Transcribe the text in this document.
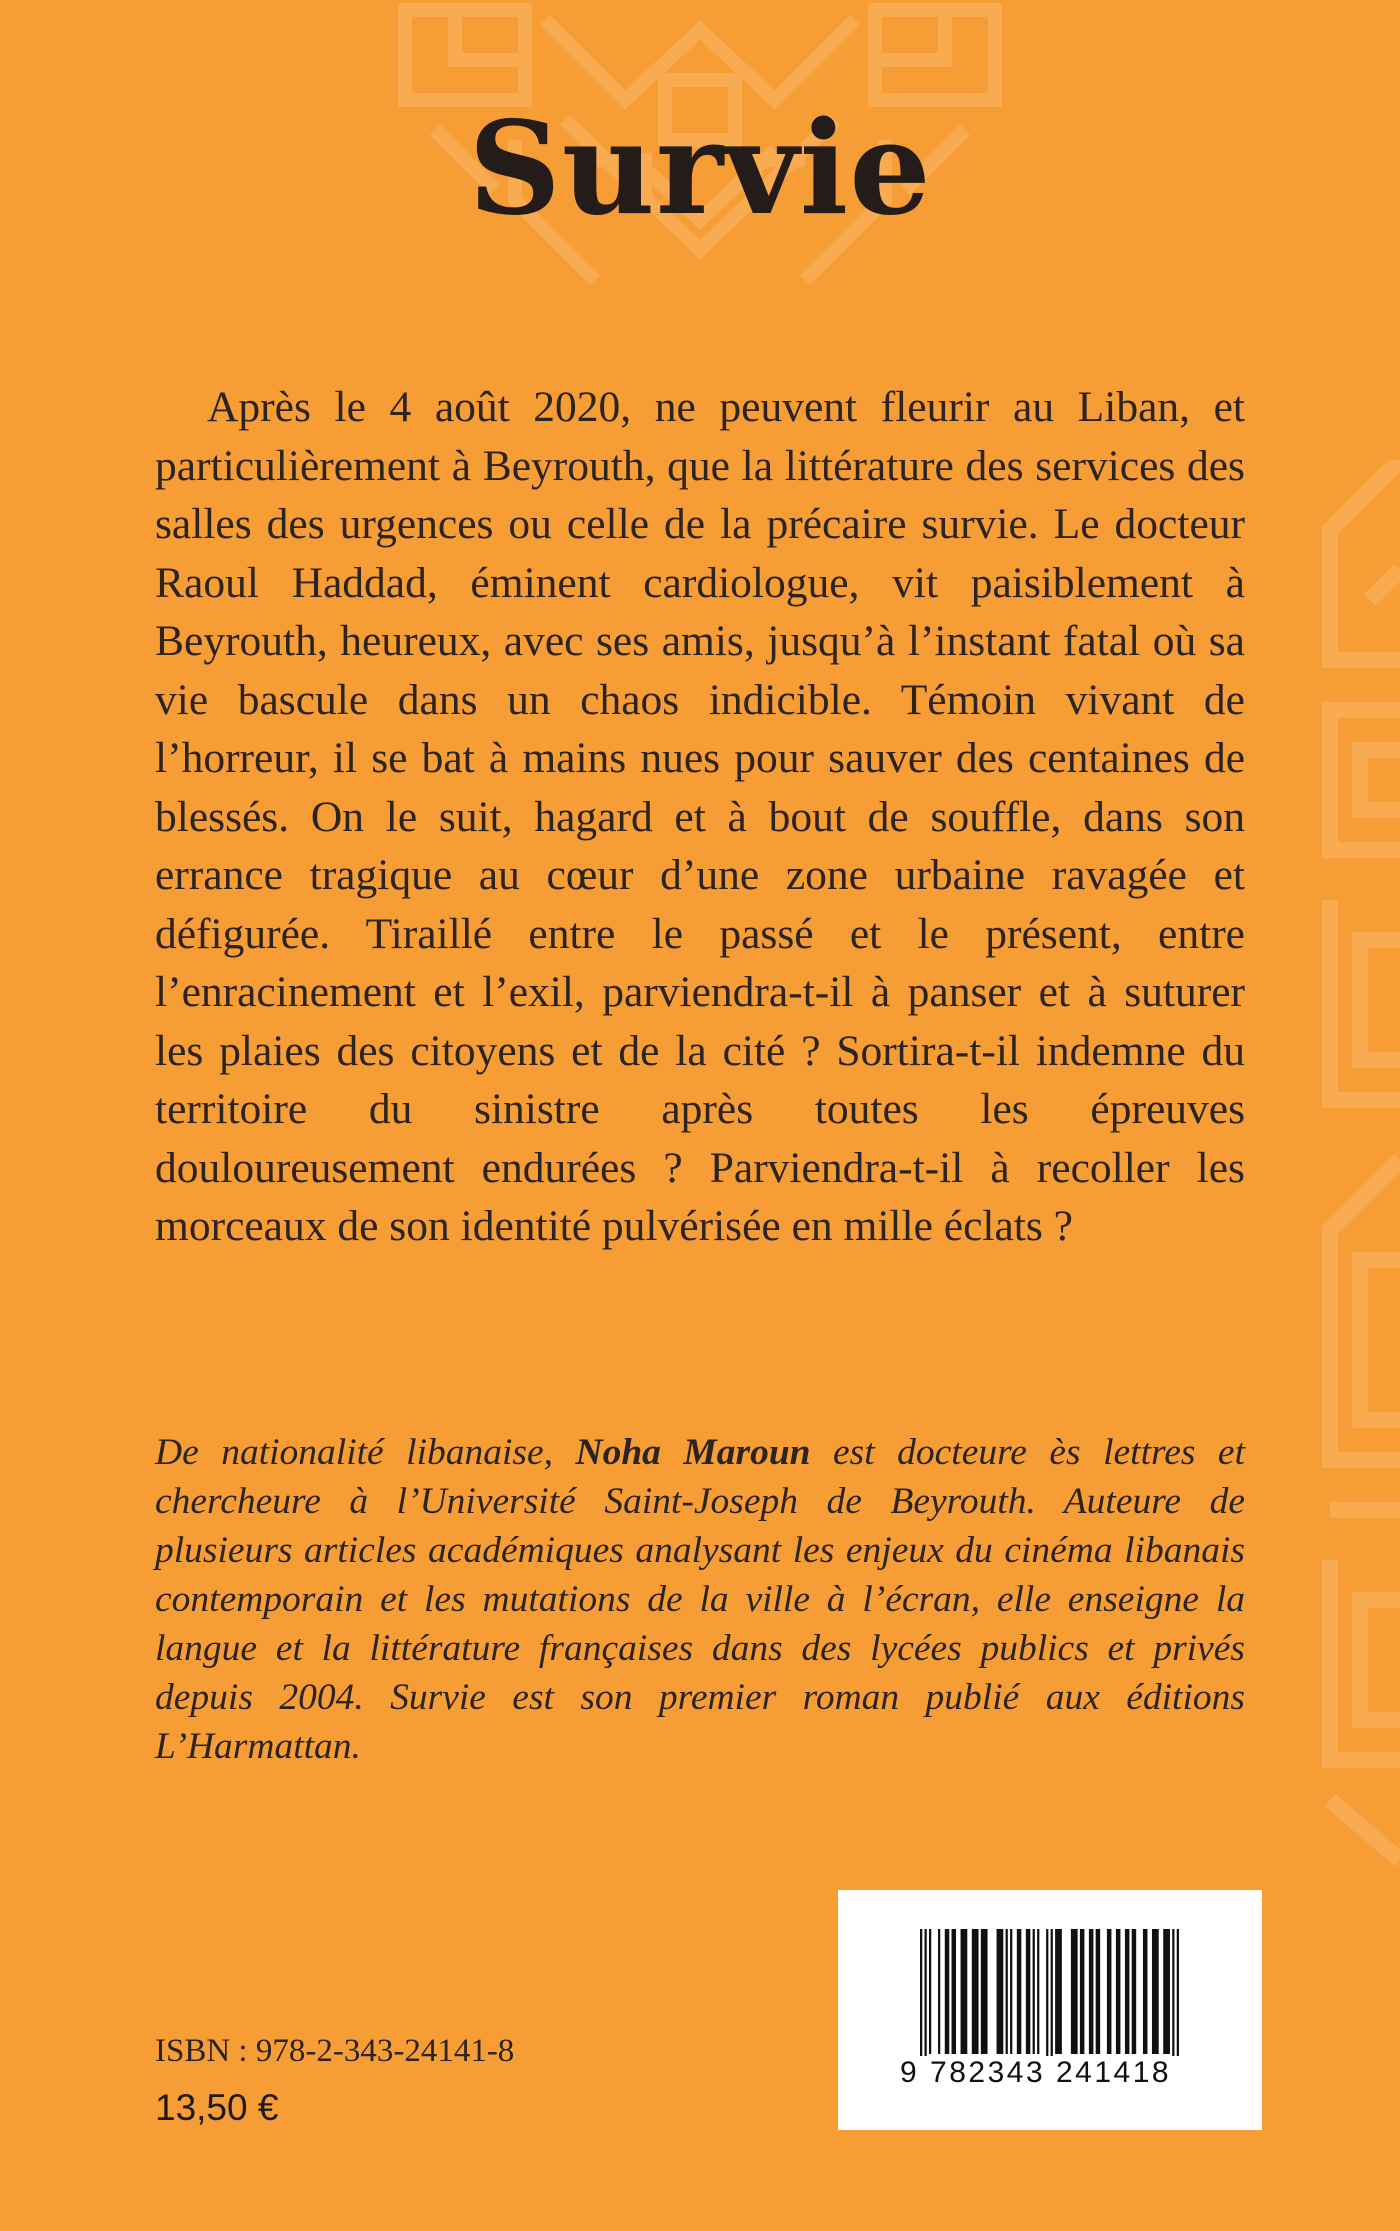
Survie

Après le 4 août 2020, ne peuvent fleurir au Liban, et particulièrement à Beyrouth, que la littérature des services des salles des urgences ou celle de la précaire survie. Le docteur Raoul Haddad, éminent cardiologue, vit paisiblement à Beyrouth, heureux, avec ses amis, jusqu’à l’instant fatal où sa vie bascule dans un chaos indicible. Témoin vivant de l’horreur, il se bat à mains nues pour sauver des centaines de blessés. On le suit, hagard et à bout de souffle, dans son errance tragique au cœur d’une zone urbaine ravagée et défigurée. Tiraillé entre le passé et le présent, entre l’enracinement et l’exil, parviendra-t-il à panser et à suturer les plaies des citoyens et de la cité ? Sortira-t-il indemne du territoire du sinistre après toutes les épreuves douloureusement endurées ? Parviendra-t-il à recoller les morceaux de son identité pulvérisée en mille éclats ?

De nationalité libanaise, Noha Maroun est docteure ès lettres et chercheure à l’Université Saint-Joseph de Beyrouth. Auteure de plusieurs articles académiques analysant les enjeux du cinéma libanais contemporain et les mutations de la ville à l’écran, elle enseigne la langue et la littérature françaises dans des lycées publics et privés depuis 2004. Survie est son premier roman publié aux éditions L’Harmattan.

ISBN : 978-2-343-24141-8
13,50 €
9 782343 241418
